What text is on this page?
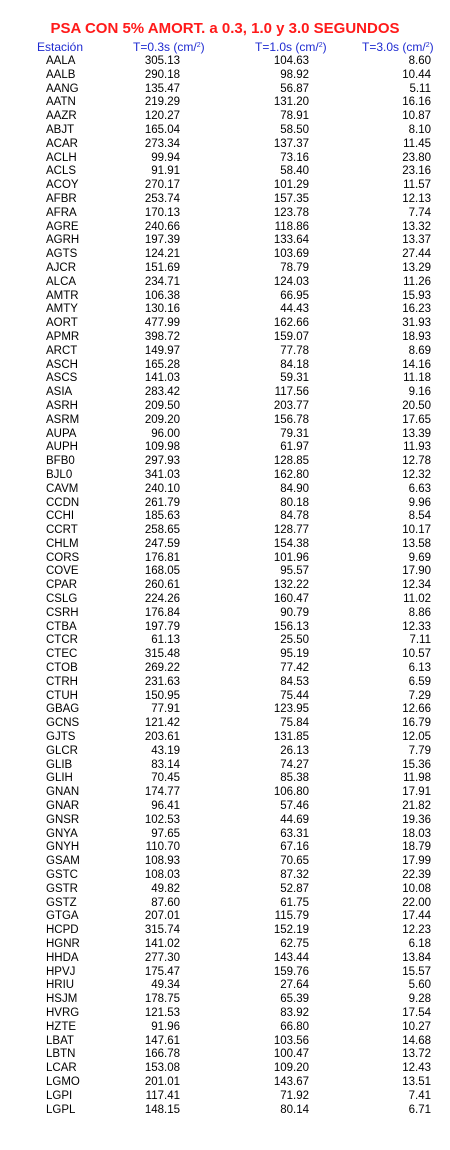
PSA CON 5% AMORT. a 0.3, 1.0 y 3.0 SEGUNDOS
Estación	T=0.3s (cm/$^2$)	T=1.0s (cm/$^2$)	T=3.0s (cm/$^2$)
AALA	305.13	104.63	8.60
AALB	290.18	98.92	10.44
AANG	135.47	56.87	5.11
AATN	219.29	131.20	16.16
AAZR	120.27	78.91	10.87
ABJT	165.04	58.50	8.10
ACAR	273.34	137.37	11.45
ACLH	99.94	73.16	23.80
ACLS	91.91	58.40	23.16
ACOY	270.17	101.29	11.57
AFBR	253.74	157.35	12.13
AFRA	170.13	123.78	7.74
AGRE	240.66	118.86	13.32
AGRH	197.39	133.64	13.37
AGTS	124.21	103.69	27.44
AJCR	151.69	78.79	13.29
ALCA	234.71	124.03	11.26
AMTR	106.38	66.95	15.93
AMTY	130.16	44.43	16.23
AORT	477.99	162.66	31.93
APMR	398.72	159.07	18.93
ARCT	149.97	77.78	8.69
ASCH	165.28	84.18	14.16
ASCS	141.03	59.31	11.18
ASIA	283.42	117.56	9.16
ASRH	209.50	203.77	20.50
ASRM	209.20	156.78	17.65
AUPA	96.00	79.31	13.39
AUPH	109.98	61.97	11.93
BFB0	297.93	128.85	12.78
BJL0	341.03	162.80	12.32
CAVM	240.10	84.90	6.63
CCDN	261.79	80.18	9.96
CCHI	185.63	84.78	8.54
CCRT	258.65	128.77	10.17
CHLM	247.59	154.38	13.58
CORS	176.81	101.96	9.69
COVE	168.05	95.57	17.90
CPAR	260.61	132.22	12.34
CSLG	224.26	160.47	11.02
CSRH	176.84	90.79	8.86
CTBA	197.79	156.13	12.33
CTCR	61.13	25.50	7.11
CTEC	315.48	95.19	10.57
CTOB	269.22	77.42	6.13
CTRH	231.63	84.53	6.59
CTUH	150.95	75.44	7.29
GBAG	77.91	123.95	12.66
GCNS	121.42	75.84	16.79
GJTS	203.61	131.85	12.05
GLCR	43.19	26.13	7.79
GLIB	83.14	74.27	15.36
GLIH	70.45	85.38	11.98
GNAN	174.77	106.80	17.91
GNAR	96.41	57.46	21.82
GNSR	102.53	44.69	19.36
GNYA	97.65	63.31	18.03
GNYH	110.70	67.16	18.79
GSAM	108.93	70.65	17.99
GSTC	108.03	87.32	22.39
GSTR	49.82	52.87	10.08
GSTZ	87.60	61.75	22.00
GTGA	207.01	115.79	17.44
HCPD	315.74	152.19	12.23
HGNR	141.02	62.75	6.18
HHDA	277.30	143.44	13.84
HPVJ	175.47	159.76	15.57
HRIU	49.34	27.64	5.60
HSJM	178.75	65.39	9.28
HVRG	121.53	83.92	17.54
HZTE	91.96	66.80	10.27
LBAT	147.61	103.56	14.68
LBTN	166.78	100.47	13.72
LCAR	153.08	109.20	12.43
LGMO	201.01	143.67	13.51
LGPI	117.41	71.92	7.41
LGPL	148.15	80.14	6.71
